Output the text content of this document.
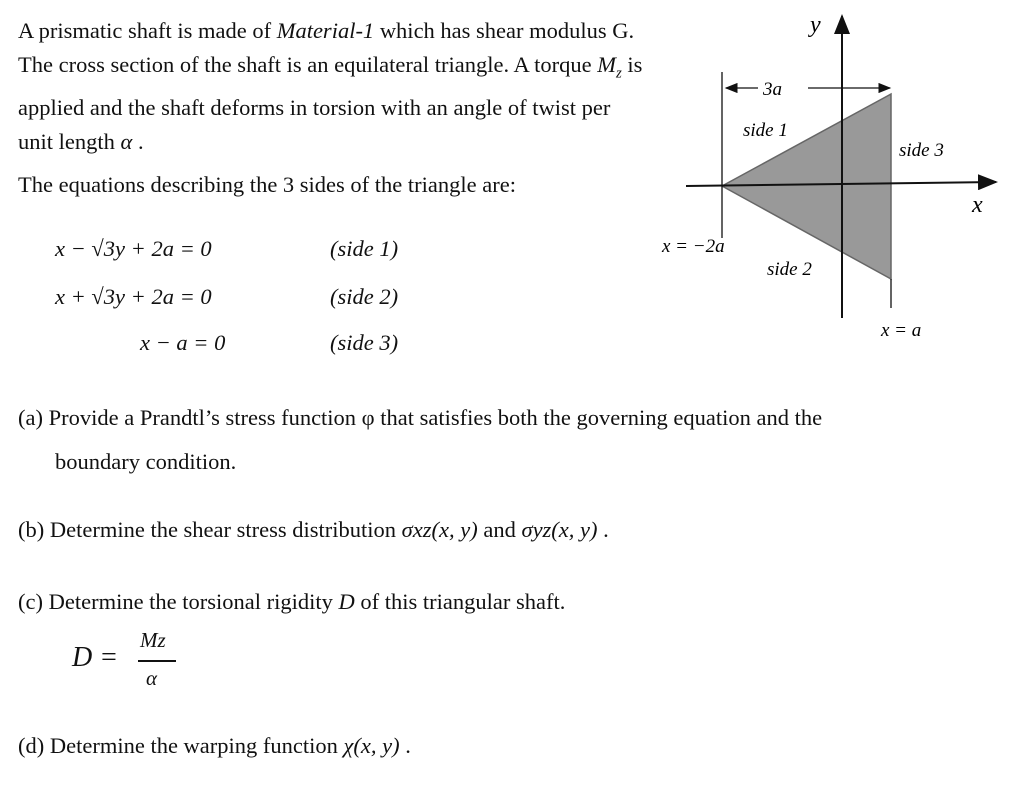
A prismatic shaft is made of Material-1 which has shear modulus G. The cross section of the shaft is an equilateral triangle. A torque $M_z$ is applied and the shaft deforms in torsion with an angle of twist per unit length α .
The equations describing the 3 sides of the triangle are:
x − √3y + 2a = 0	(side 1)
x + √3y + 2a = 0	(side 2)
x − a = 0	(side 3)
y
x
3a
side 1
side 2
side 3
x = −2a
x = a
(a) Provide a Prandtl’s stress function φ that satisfies both the governing equation and the
boundary condition.
(b) Determine the shear stress distribution σxz(x, y) and σyz(x, y) .
(c) Determine the torsional rigidity D of this triangular shaft.
D =
Mz
α
(d) Determine the warping function χ(x, y) .
